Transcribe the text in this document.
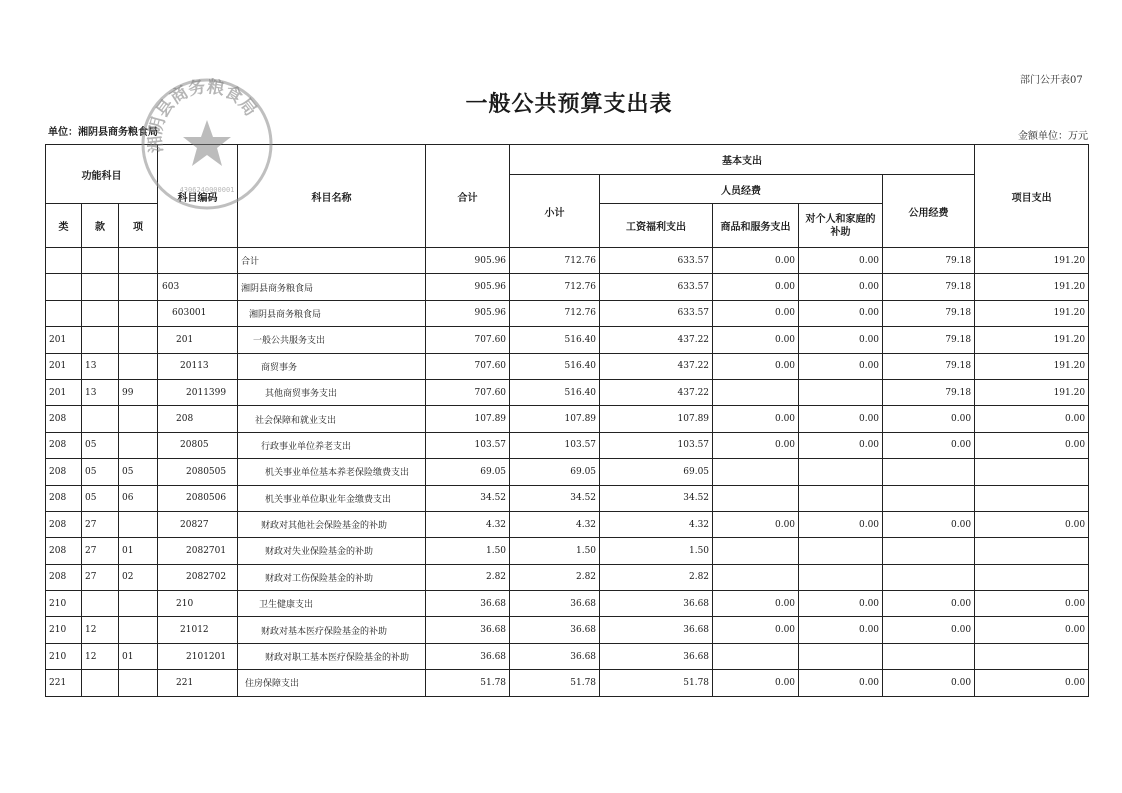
部门公开表07
一般公共预算支出表
单位：湘阴县商务粮食局	金额单位：万元
功能科目			科目编码	科目名称	合计	基本支出					项目支出
						小计	人员经费			公用经费	
类	款	项					工资福利支出	商品和服务支出	对个人和家庭的补助		
				合计	905.96	712.76	633.57	0.00	0.00	79.18	191.20
			603	湘阴县商务粮食局	905.96	712.76	633.57	0.00	0.00	79.18	191.20
			603001	湘阴县商务粮食局	905.96	712.76	633.57	0.00	0.00	79.18	191.20
201			201	一般公共服务支出	707.60	516.40	437.22	0.00	0.00	79.18	191.20
201	13		20113	商贸事务	707.60	516.40	437.22	0.00	0.00	79.18	191.20
201	13	99	2011399	其他商贸事务支出	707.60	516.40	437.22			79.18	191.20
208			208	社会保障和就业支出	107.89	107.89	107.89	0.00	0.00	0.00	0.00
208	05		20805	行政事业单位养老支出	103.57	103.57	103.57	0.00	0.00	0.00	0.00
208	05	05	2080505	机关事业单位基本养老保险缴费支出	69.05	69.05	69.05				
208	05	06	2080506	机关事业单位职业年金缴费支出	34.52	34.52	34.52				
208	27		20827	财政对其他社会保险基金的补助	4.32	4.32	4.32	0.00	0.00	0.00	0.00
208	27	01	2082701	财政对失业保险基金的补助	1.50	1.50	1.50				
208	27	02	2082702	财政对工伤保险基金的补助	2.82	2.82	2.82				
210			210	卫生健康支出	36.68	36.68	36.68	0.00	0.00	0.00	0.00
210	12		21012	财政对基本医疗保险基金的补助	36.68	36.68	36.68	0.00	0.00	0.00	0.00
210	12	01	2101201	财政对职工基本医疗保险基金的补助	36.68	36.68	36.68				
221			221	住房保障支出	51.78	51.78	51.78	0.00	0.00	0.00	0.00
湘阴县商务粮食局
4306240000001
